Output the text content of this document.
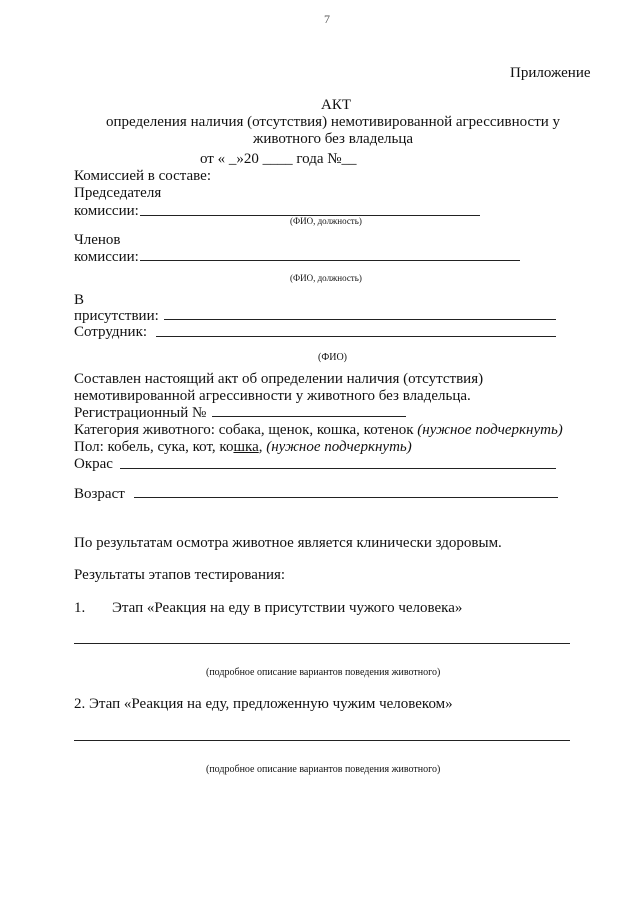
7
Приложение
АКТ
определения наличия (отсутствия) немотивированной агрессивности у
животного без владельца
от « _»20 ____ года №__
Комиссией в составе:
Председателя
комиссии:
(ФИО, должность)
Членов
комиссии:
(ФИО, должность)
В
присутствии:
Сотрудник:
(ФИО)
Составлен настоящий акт об определении наличия (отсутствия)
немотивированной агрессивности у животного без владельца.
Регистрационный №
Категория животного: собака, щенок, кошка, котенок (нужное подчеркнуть)
Пол: кобель, сука, кот, кошка, (нужное подчеркнуть)
Окрас
Возраст
По результатам осмотра животное является клинически здоровым.
Результаты этапов тестирования:
1. Этап «Реакция на еду в присутствии чужого человека»
(подробное описание вариантов поведения животного)
2. Этап «Реакция на еду, предложенную чужим человеком»
(подробное описание вариантов поведения животного)
